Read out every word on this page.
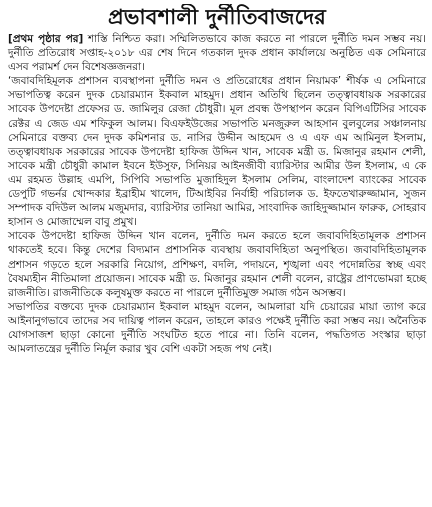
প্রভাবশালী দুর্নীতিবাজদের

[প্রথম পৃষ্ঠার পর] শাস্তি নিশ্চিত করা। সম্মিলিতভাবে কাজ করতে না পারলে দুর্নীতি দমন সম্ভব নয়। দুর্নীতি প্রতিরোধ সপ্তাহ-২০১৮ এর শেষ দিনে গতকাল দুদক প্রধান কার্যালয়ে অনুষ্ঠিত এক সেমিনারে এসব পরামর্শ দেন বিশেষজ্ঞজনরা।

‘জবাবদিহিমূলক প্রশাসন ব্যবস্থাপনা দুর্নীতি দমন ও প্রতিরোধের প্রধান নিয়ামক’ শীর্ষক এ সেমিনারে সভাপতিত্ব করেন দুদক চেয়ারম্যান ইকবাল মাহমুদ। প্রধান অতিথি ছিলেন তত্ত্বাবধায়ক সরকারের সাবেক উপদেষ্টা প্রফেসর ড. জামিলুর রেজা চৌধুরী। মূল প্রবন্ধ উপস্থাপন করেন বিপিএটিসির সাবেক রেক্টর এ জেড এম শফিকুল আলম। বিএফইউজের সভাপতি মনজুরুল আহসান বুলবুলের সঞ্চালনায় সেমিনারে বক্তব্য দেন দুদক কমিশনার ড. নাসির উদ্দীন আহমেদ ও এ এফ এম আমিনুল ইসলাম, তত্ত্বাবধায়ক সরকারের সাবেক উপদেষ্টা হাফিজ উদ্দিন খান, সাবেক মন্ত্রী ড. মিজানুর রহমান শেলী, সাবেক মন্ত্রী চৌধুরী কামাল ইবনে ইউসুফ, সিনিয়র আইনজীবী ব্যারিস্টার আমীর উল ইসলাম, এ কে এম রহমত উল্লাহ এমপি, সিপিবি সভাপতি মুজাহিদুল ইসলাম সেলিম, বাংলাদেশ ব্যাংকের সাবেক ডেপুটি গভর্নর খোন্দকার ইব্রাহীম খালেদ, টিআইবির নির্বাহী পরিচালক ড. ইফতেখারুজ্জামান, সুজন সম্পাদক বদিউল আলম মজুমদার, ব্যারিস্টার তানিয়া আমির, সাংবাদিক জাহিদুজ্জামান ফারুক, সোহরাব হাসান ও মোজাম্মেল বাবু প্রমুখ।

সাবেক উপদেষ্টা হাফিজ উদ্দিন খান বলেন, দুর্নীতি দমন করতে হলে জবাবদিহিতামূলক প্রশাসন থাকতেই হবে। কিন্তু দেশের বিদ্যমান প্রশাসনিক ব্যবস্থায় জবাবদিহিতা অনুপস্থিত। জবাবদিহিতামূলক প্রশাসন গড়তে হলে সরকারি নিয়োগ, প্রশিক্ষণ, বদলি, পদায়নে, শৃঙ্খলা এবং পদোন্নতির স্বচ্ছ এবং বৈষম্যহীন নীতিমালা প্রয়োজন। সাবেক মন্ত্রী ড. মিজানুর রহমান শেলী বলেন, রাষ্ট্রের প্রাণভোমরা হচ্ছে রাজনীতি। রাজনীতিকে কলুষমুক্ত করতে না পারলে দুর্নীতিমুক্ত সমাজ গঠন অসম্ভব।

সভাপতির বক্তব্যে দুদক চেয়ারম্যান ইকবাল মাহমুদ বলেন, আমলারা যদি চেয়ারের মায়া ত্যাগ করে আইনানুগভাবে তাদের সব দায়িত্ব পালন করেন, তাহলে কারও পক্ষেই দুর্নীতি করা সম্ভব নয়। অনৈতিক যোগসাজশ ছাড়া কোনো দুর্নীতি সংঘটিত হতে পারে না। তিনি বলেন, পদ্ধতিগত সংস্কার ছাড়া আমলাতন্ত্রের দুর্নীতি নির্মূল করার খুব বেশি একটা সহজ পথ নেই।
